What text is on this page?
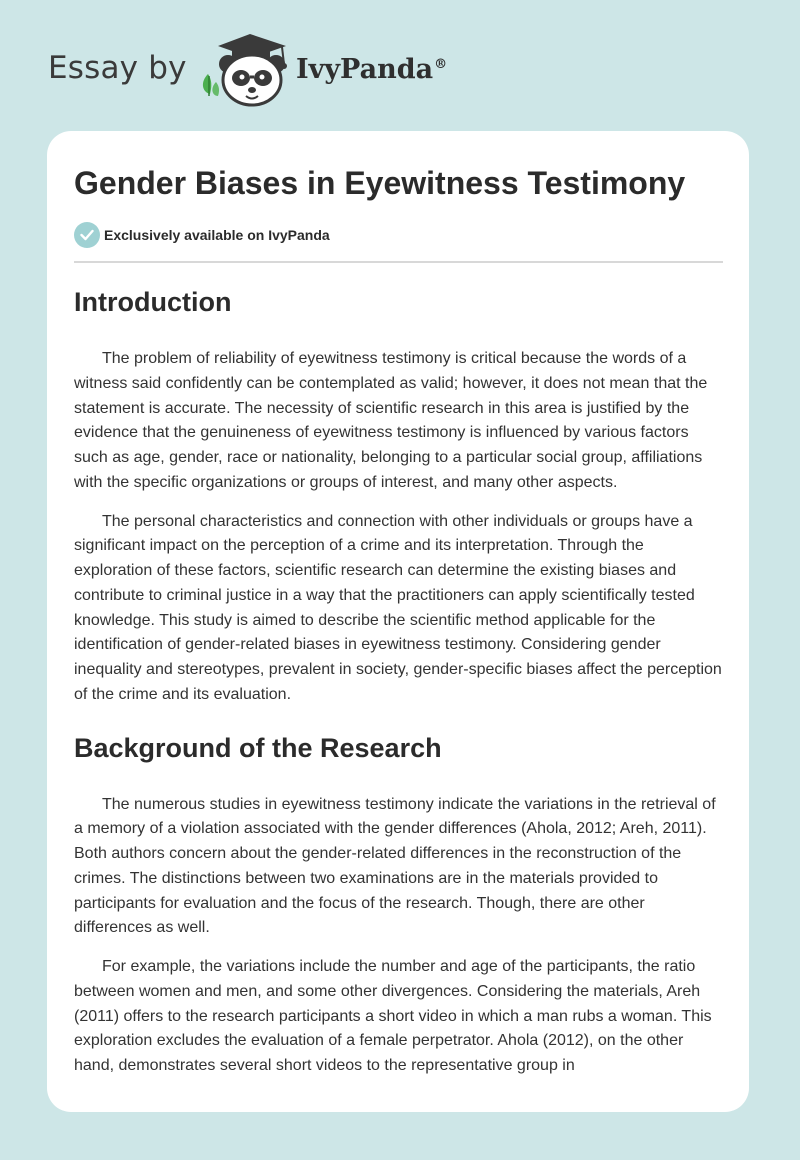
Essay by	IvyPanda®
Gender Biases in Eyewitness Testimony
Exclusively available on IvyPanda
Introduction

The problem of reliability of eyewitness testimony is critical because the words of a witness said confidently can be contemplated as valid; however, it does not mean that the statement is accurate. The necessity of scientific research in this area is justified by the evidence that the genuineness of eyewitness testimony is influenced by various factors such as age, gender, race or nationality, belonging to a particular social group, affiliations with the specific organizations or groups of interest, and many other aspects.

The personal characteristics and connection with other individuals or groups have a significant impact on the perception of a crime and its interpretation. Through the exploration of these factors, scientific research can determine the existing biases and contribute to criminal justice in a way that the practitioners can apply scientifically tested knowledge. This study is aimed to describe the scientific method applicable for the identification of gender-related biases in eyewitness testimony. Considering gender inequality and stereotypes, prevalent in society, gender-specific biases affect the perception of the crime and its evaluation.

Background of the Research

The numerous studies in eyewitness testimony indicate the variations in the retrieval of a memory of a violation associated with the gender differences (Ahola, 2012; Areh, 2011). Both authors concern about the gender-related differences in the reconstruction of the crimes. The distinctions between two examinations are in the materials provided to participants for evaluation and the focus of the research. Though, there are other differences as well.

For example, the variations include the number and age of the participants, the ratio between women and men, and some other divergences. Considering the materials, Areh (2011) offers to the research participants a short video in which a man rubs a woman. This exploration excludes the evaluation of a female perpetrator. Ahola (2012), on the other hand, demonstrates several short videos to the representative group in
